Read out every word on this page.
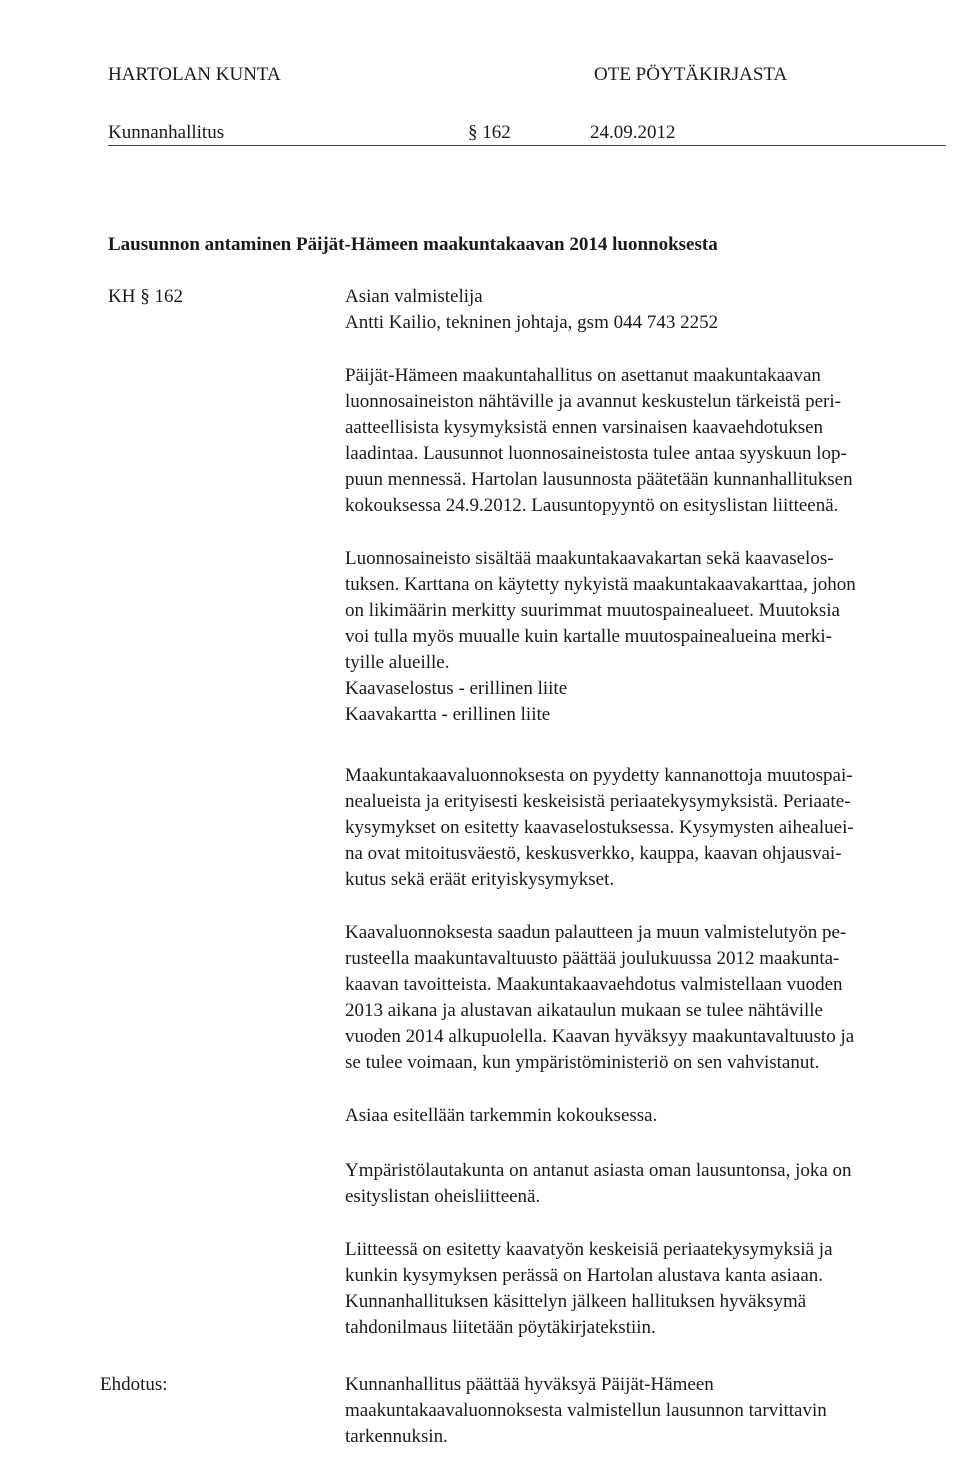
HARTOLAN KUNTA	OTE PÖYTÄKIRJASTA
Kunnanhallitus	§ 162	24.09.2012
Lausunnon antaminen Päijät-Hämeen maakuntakaavan 2014 luonnoksesta
KH § 162	Asian valmistelija
Antti Kailio, tekninen johtaja, gsm 044 743 2252
Päijät-Hämeen maakuntahallitus on asettanut maakuntakaavan
luonnosaineiston nähtäville ja avannut keskustelun tärkeistä peri-
aatteellisista kysymyksistä ennen varsinaisen kaavaehdotuksen
laadintaa. Lausunnot luonnosaineistosta tulee antaa syyskuun lop-
puun mennessä. Hartolan lausunnosta päätetään kunnanhallituksen
kokouksessa 24.9.2012. Lausuntopyyntö on esityslistan liitteenä.
Luonnosaineisto sisältää maakuntakaavakartan sekä kaavaselos-
tuksen. Karttana on käytetty nykyistä maakuntakaavakarttaa, johon
on likimäärin merkitty suurimmat muutospainealueet. Muutoksia
voi tulla myös muualle kuin kartalle muutospainealueina merki-
tyille alueille.
Kaavaselostus - erillinen liite
Kaavakartta - erillinen liite
Maakuntakaavaluonnoksesta on pyydetty kannanottoja muutospai-
nealueista ja erityisesti keskeisistä periaatekysymyksistä. Periaate-
kysymykset on esitetty kaavaselostuksessa. Kysymysten aihealuei-
na ovat mitoitusväestö, keskusverkko, kauppa, kaavan ohjausvai-
kutus sekä eräät erityiskysymykset.
Kaavaluonnoksesta saadun palautteen ja muun valmistelutyön pe-
rusteella maakuntavaltuusto päättää joulukuussa 2012 maakunta-
kaavan tavoitteista. Maakuntakaavaehdotus valmistellaan vuoden
2013 aikana ja alustavan aikataulun mukaan se tulee nähtäville
vuoden 2014 alkupuolella. Kaavan hyväksyy maakuntavaltuusto ja
se tulee voimaan, kun ympäristöministeriö on sen vahvistanut.
Asiaa esitellään tarkemmin kokouksessa.
Ympäristölautakunta on antanut asiasta oman lausuntonsa, joka on
esityslistan oheisliitteenä.
Liitteessä on esitetty kaavatyön keskeisiä periaatekysymyksiä ja
kunkin kysymyksen perässä on Hartolan alustava kanta asiaan.
Kunnanhallituksen käsittelyn jälkeen hallituksen hyväksymä
tahdonilmaus liitetään pöytäkirjatekstiin.
Ehdotus:	Kunnanhallitus päättää hyväksyä Päijät-Hämeen
maakuntakaavaluonnoksesta valmistellun lausunnon tarvittavin
tarkennuksin.
